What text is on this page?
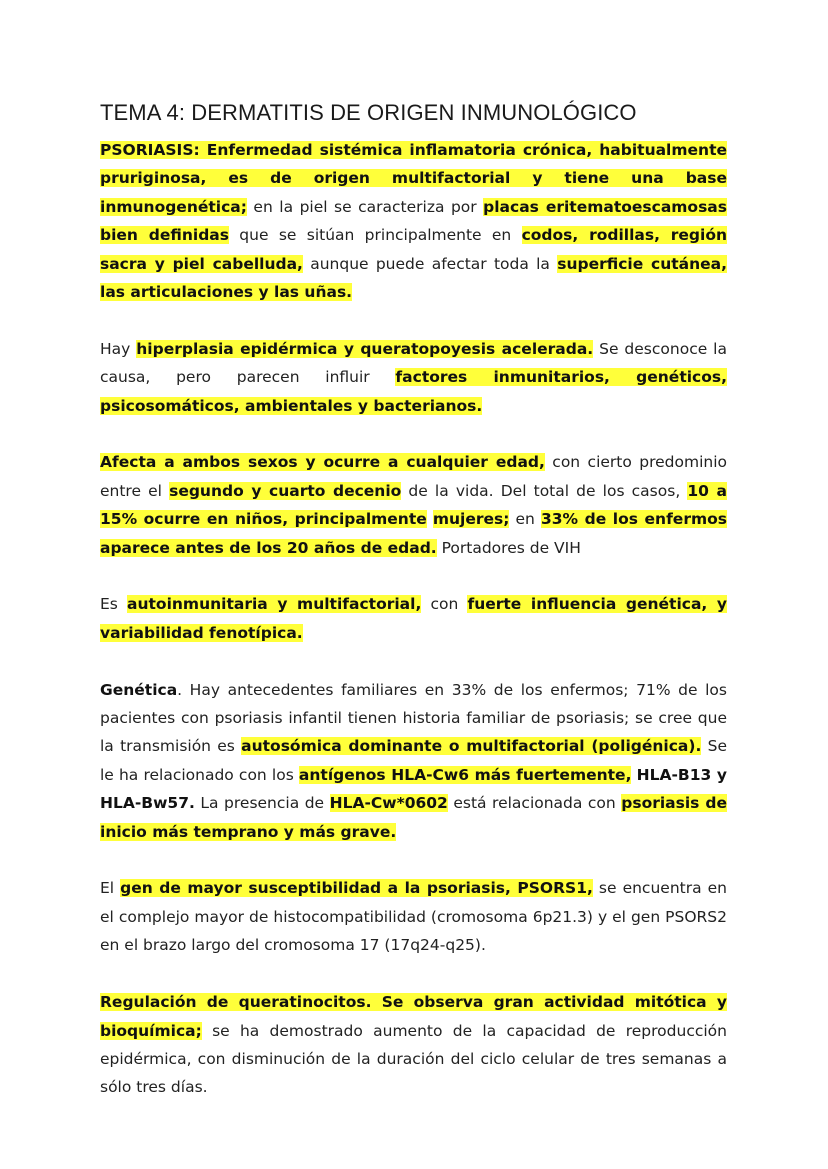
TEMA 4: DERMATITIS DE ORIGEN INMUNOLÓGICO

PSORIASIS: Enfermedad sistémica inflamatoria crónica, habitualmente pruriginosa, es de origen multifactorial y tiene una base inmunogenética; en la piel se caracteriza por placas eritematoescamosas bien definidas que se sitúan principalmente en codos, rodillas, región sacra y piel cabelluda, aunque puede afectar toda la superficie cutánea, las articulaciones y las uñas.

Hay hiperplasia epidérmica y queratopoyesis acelerada. Se desconoce la causa, pero parecen influir factores inmunitarios, genéticos, psicosomáticos, ambientales y bacterianos.

Afecta a ambos sexos y ocurre a cualquier edad, con cierto predominio entre el segundo y cuarto decenio de la vida. Del total de los casos, 10 a 15% ocurre en niños, principalmente mujeres; en 33% de los enfermos aparece antes de los 20 años de edad. Portadores de VIH

Es autoinmunitaria y multifactorial, con fuerte influencia genética, y variabilidad fenotípica.

Genética. Hay antecedentes familiares en 33% de los enfermos; 71% de los pacientes con psoriasis infantil tienen historia familiar de psoriasis; se cree que la transmisión es autosómica dominante o multifactorial (poligénica). Se le ha relacionado con los antígenos HLA-Cw6 más fuertemente, HLA-B13 y HLA-Bw57. La presencia de HLA-Cw*0602 está relacionada con psoriasis de inicio más temprano y más grave.

El gen de mayor susceptibilidad a la psoriasis, PSORS1, se encuentra en el complejo mayor de histocompatibilidad (cromosoma 6p21.3) y el gen PSORS2 en el brazo largo del cromosoma 17 (17q24-q25).

Regulación de queratinocitos. Se observa gran actividad mitótica y bioquímica; se ha demostrado aumento de la capacidad de reproducción epidérmica, con disminución de la duración del ciclo celular de tres semanas a sólo tres días.
